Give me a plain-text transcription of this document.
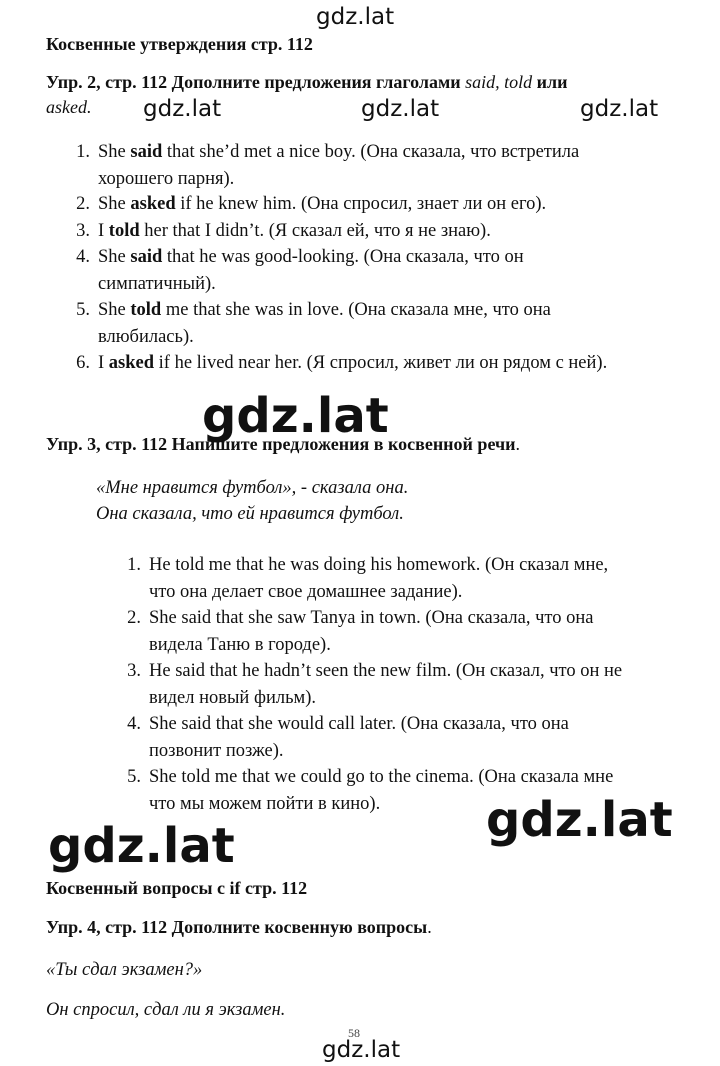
gdz.lat
gdz.lat	gdz.lat	gdz.lat
gdz.lat
gdz.lat
gdz.lat
gdz.lat
Косвенные утверждения стр. 112
Упр. 2, стр. 112 Дополните предложения глаголами said, told или
asked.
1. She said that she’d met a nice boy. (Она сказала, что встретила
хорошего парня).
2. She asked if he knew him. (Она спросил, знает ли он его).
3. I told her that I didn’t. (Я сказал ей, что я не знаю).
4. She said that he was good-looking. (Она сказала, что он
симпатичный).
5. She told me that she was in love. (Она сказала мне, что она
влюбилась).
6. I asked if he lived near her. (Я спросил, живет ли он рядом с ней).
Упр. 3, стр. 112 Напишите предложения в косвенной речи.
«Мне нравится футбол», - сказала она.
Она сказала, что ей нравится футбол.
1. He told me that he was doing his homework. (Он сказал мне,
что она делает свое домашнее задание).
2. She said that she saw Tanya in town. (Она сказала, что она
видела Таню в городе).
3. He said that he hadn’t seen the new film. (Он сказал, что он не
видел новый фильм).
4. She said that she would call later. (Она сказала, что она
позвонит позже).
5. She told me that we could go to the cinema. (Она сказала мне
что мы можем пойти в кино).
Косвенный вопросы с if стр. 112
Упр. 4, стр. 112 Дополните косвенную вопросы.
«Ты сдал экзамен?»
Он спросил, сдал ли я экзамен.
58
